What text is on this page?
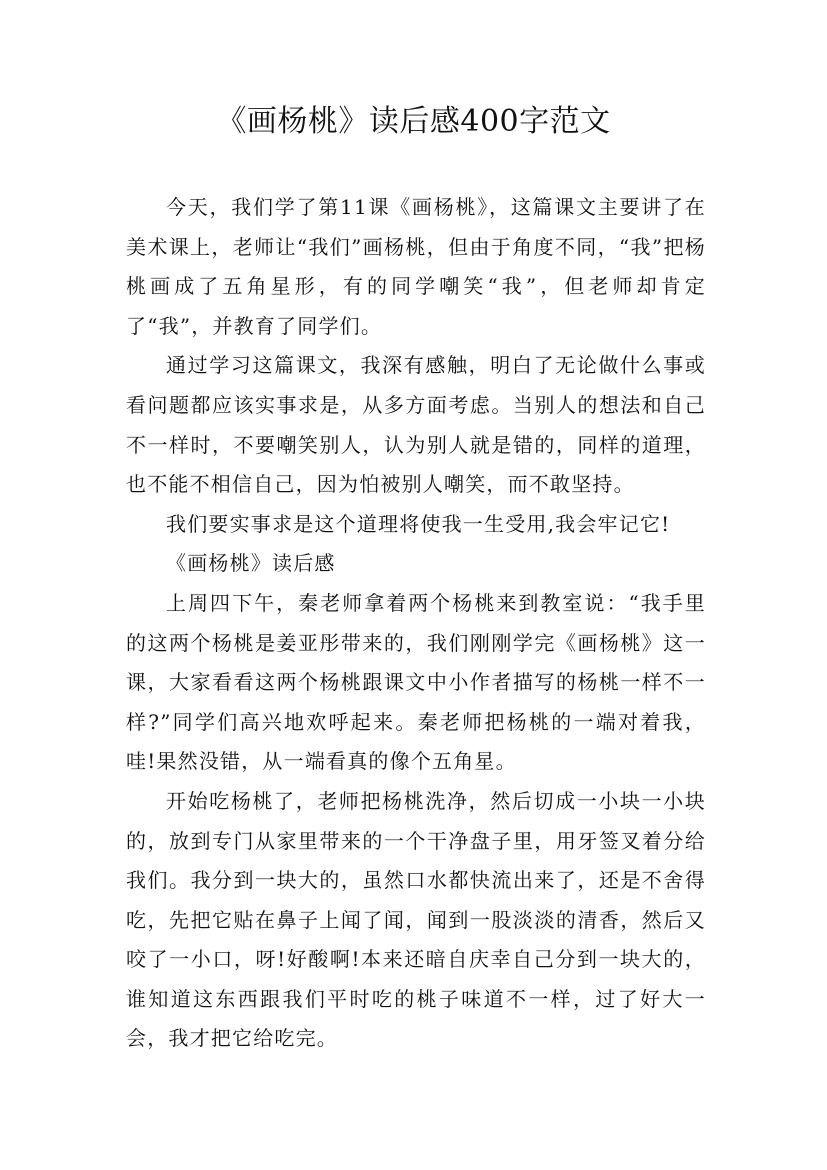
《画杨桃》读后感400字范文

今天，我们学了第11课《画杨桃》，这篇课文主要讲了在美术课上，老师让“我们”画杨桃，但由于角度不同，“我”把杨桃画成了五角星形，有的同学嘲笑“我”，但老师却肯定了“我”，并教育了同学们。

通过学习这篇课文，我深有感触，明白了无论做什么事或看问题都应该实事求是，从多方面考虑。当别人的想法和自己不一样时，不要嘲笑别人，认为别人就是错的，同样的道理，也不能不相信自己，因为怕被别人嘲笑，而不敢坚持。

我们要实事求是这个道理将使我一生受用,我会牢记它!

《画杨桃》读后感

上周四下午，秦老师拿着两个杨桃来到教室说：“我手里的这两个杨桃是姜亚彤带来的，我们刚刚学完《画杨桃》这一课，大家看看这两个杨桃跟课文中小作者描写的杨桃一样不一样?”同学们高兴地欢呼起来。秦老师把杨桃的一端对着我，哇!果然没错，从一端看真的像个五角星。

开始吃杨桃了，老师把杨桃洗净，然后切成一小块一小块的，放到专门从家里带来的一个干净盘子里，用牙签叉着分给我们。我分到一块大的，虽然口水都快流出来了，还是不舍得吃，先把它贴在鼻子上闻了闻，闻到一股淡淡的清香，然后又咬了一小口，呀!好酸啊!本来还暗自庆幸自己分到一块大的，谁知道这东西跟我们平时吃的桃子味道不一样，过了好大一会，我才把它给吃完。
